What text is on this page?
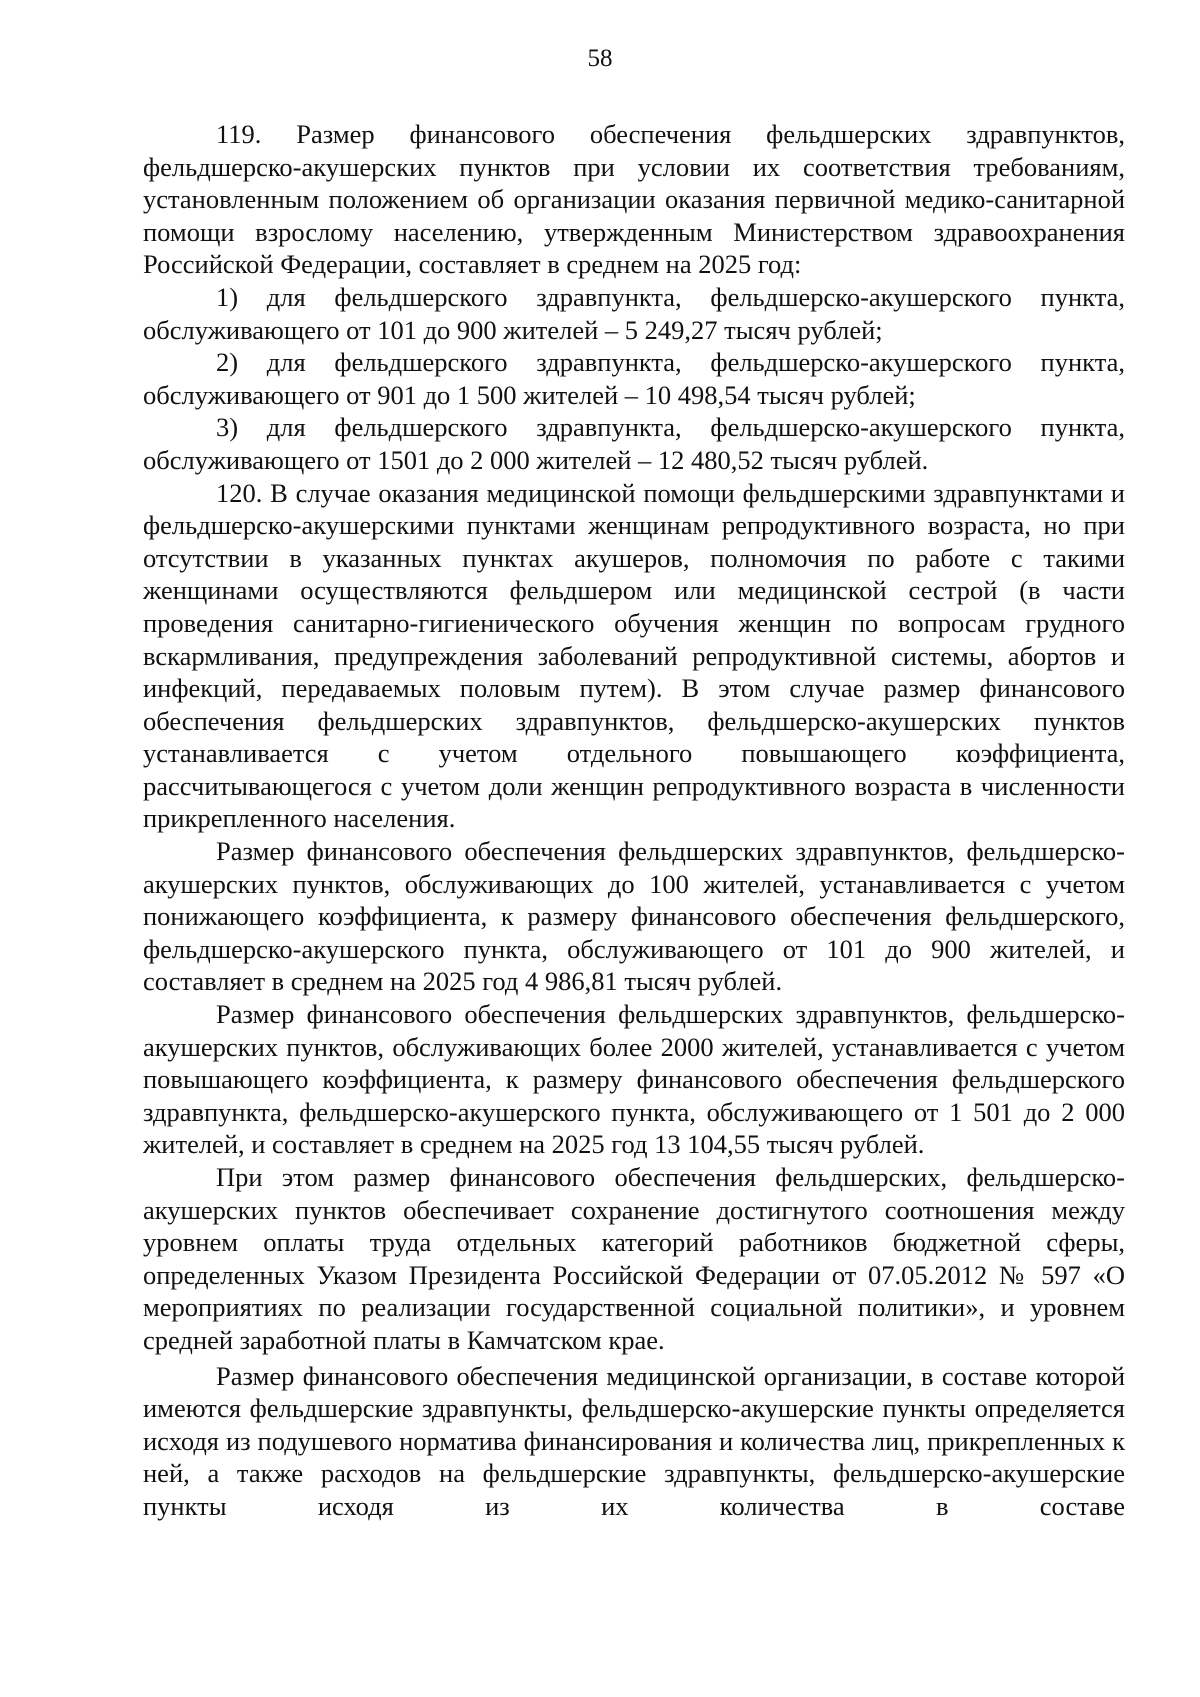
58

119. Размер финансового обеспечения фельдшерских здравпунктов, фельдшерско-акушерских пунктов при условии их соответствия требованиям, установленным положением об организации оказания первичной медико-санитарной помощи взрослому населению, утвержденным Министерством здравоохранения Российской Федерации, составляет в среднем на 2025 год:

1) для фельдшерского здравпункта, фельдшерско-акушерского пункта, обслуживающего от 101 до 900 жителей – 5 249,27 тысяч рублей;

2) для фельдшерского здравпункта, фельдшерско-акушерского пункта, обслуживающего от 901 до 1 500 жителей – 10 498,54 тысяч рублей;

3) для фельдшерского здравпункта, фельдшерско-акушерского пункта, обслуживающего от 1501 до 2 000 жителей – 12 480,52 тысяч рублей.

120. В случае оказания медицинской помощи фельдшерскими здравпунктами и фельдшерско-акушерскими пунктами женщинам репродуктивного возраста, но при отсутствии в указанных пунктах акушеров, полномочия по работе с такими женщинами осуществляются фельдшером или медицинской сестрой (в части проведения санитарно-гигиенического обучения женщин по вопросам грудного вскармливания, предупреждения заболеваний репродуктивной системы, абортов и инфекций, передаваемых половым путем). В этом случае размер финансового обеспечения фельдшерских здравпунктов, фельдшерско-акушерских пунктов устанавливается с учетом отдельного повышающего коэффициента, рассчитывающегося с учетом доли женщин репродуктивного возраста в численности прикрепленного населения.

Размер финансового обеспечения фельдшерских здравпунктов, фельдшерско-акушерских пунктов, обслуживающих до 100 жителей, устанавливается с учетом понижающего коэффициента, к размеру финансового обеспечения фельдшерского, фельдшерско-акушерского пункта, обслуживающего от 101 до 900 жителей, и составляет в среднем на 2025 год 4 986,81 тысяч рублей.

Размер финансового обеспечения фельдшерских здравпунктов, фельдшерско-акушерских пунктов, обслуживающих более 2000 жителей, устанавливается с учетом повышающего коэффициента, к размеру финансового обеспечения фельдшерского здравпункта, фельдшерско-акушерского пункта, обслуживающего от 1 501 до 2 000 жителей, и составляет в среднем на 2025 год 13 104,55 тысяч рублей.

При этом размер финансового обеспечения фельдшерских, фельдшерско-акушерских пунктов обеспечивает сохранение достигнутого соотношения между уровнем оплаты труда отдельных категорий работников бюджетной сферы, определенных Указом Президента Российской Федерации от 07.05.2012 № 597 «О мероприятиях по реализации государственной социальной политики», и уровнем средней заработной платы в Камчатском крае.

Размер финансового обеспечения медицинской организации, в составе которой имеются фельдшерские здравпункты, фельдшерско-акушерские пункты определяется исходя из подушевого норматива финансирования и количества лиц, прикрепленных к ней, а также расходов на фельдшерские здравпункты, фельдшерско-акушерские пункты исходя из их количества в составе
